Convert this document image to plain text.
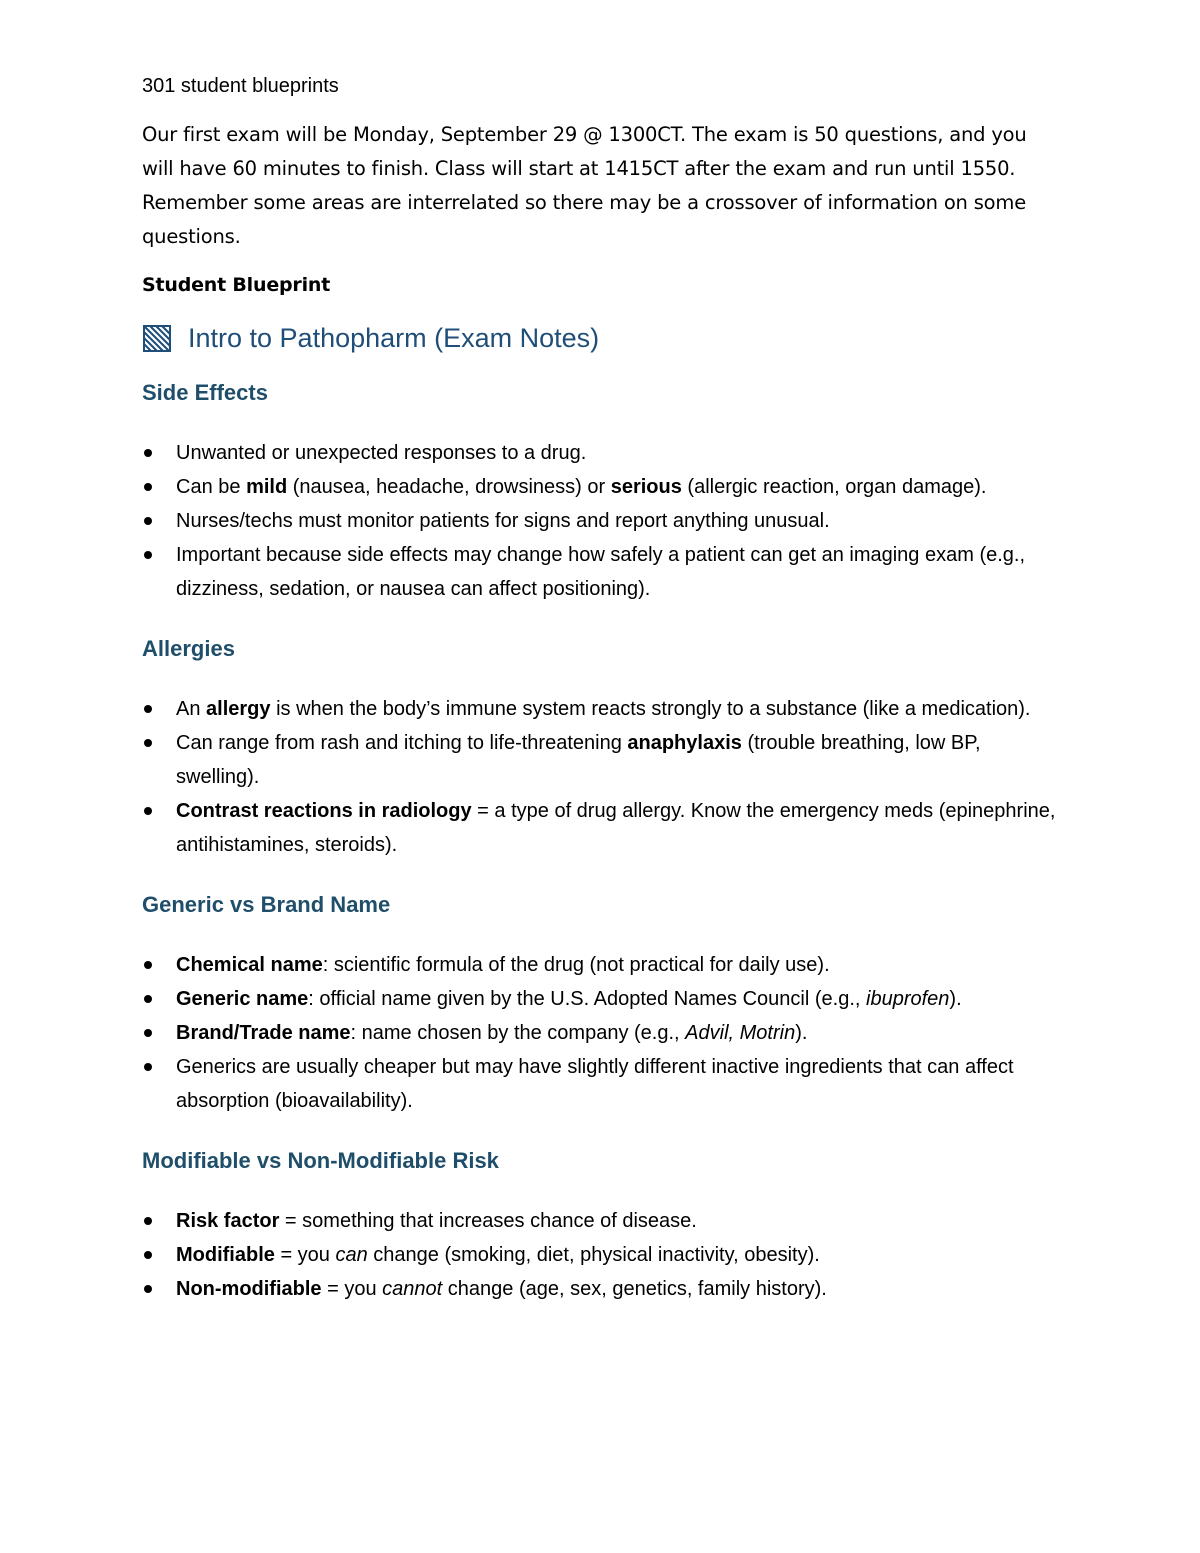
301 student blueprints

Our first exam will be Monday, September 29 @ 1300CT. The exam is 50 questions, and you will have 60 minutes to finish. Class will start at 1415CT after the exam and run until 1550. Remember some areas are interrelated so there may be a crossover of information on some questions.

Student Blueprint

Intro to Pathopharm (Exam Notes)
Side Effects
Unwanted or unexpected responses to a drug.
Can be mild (nausea, headache, drowsiness) or serious (allergic reaction, organ damage).
Nurses/techs must monitor patients for signs and report anything unusual.
Important because side effects may change how safely a patient can get an imaging exam (e.g., dizziness, sedation, or nausea can affect positioning).
Allergies
An allergy is when the body’s immune system reacts strongly to a substance (like a medication).
Can range from rash and itching to life-threatening anaphylaxis (trouble breathing, low BP, swelling).
Contrast reactions in radiology = a type of drug allergy. Know the emergency meds (epinephrine, antihistamines, steroids).
Generic vs Brand Name
Chemical name: scientific formula of the drug (not practical for daily use).
Generic name: official name given by the U.S. Adopted Names Council (e.g., ibuprofen).
Brand/Trade name: name chosen by the company (e.g., Advil, Motrin).
Generics are usually cheaper but may have slightly different inactive ingredients that can affect absorption (bioavailability).
Modifiable vs Non-Modifiable Risk
Risk factor = something that increases chance of disease.
Modifiable = you can change (smoking, diet, physical inactivity, obesity).
Non-modifiable = you cannot change (age, sex, genetics, family history).
